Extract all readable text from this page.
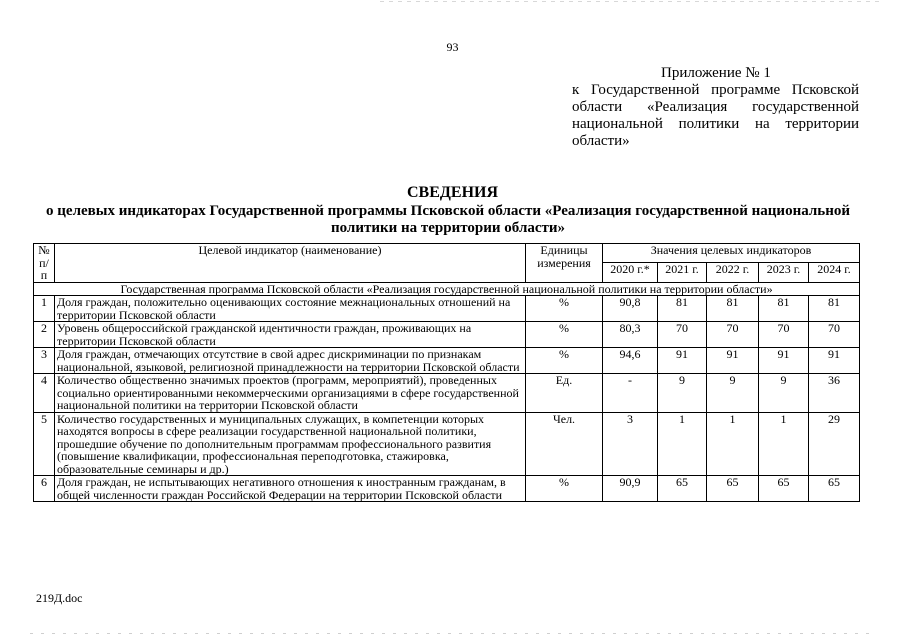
93
Приложение № 1
к Государственной программе Псковской области «Реализация государственной национальной политики на территории области»
СВЕДЕНИЯ
о целевых индикаторах Государственной программы Псковской области «Реализация государственной национальной политики на территории области»
№ п/п	Целевой индикатор (наименование)	Единицы измерения	Значения целевых индикаторов				
			2020 г.*	2021 г.	2022 г.	2023 г.	2024 г.
Государственная программа Псковской области «Реализация государственной национальной политики на территории области»							
1	Доля граждан, положительно оценивающих состояние межнациональных отношений на территории Псковской области	%	90,8	81	81	81	81
2	Уровень общероссийской гражданской идентичности граждан, проживающих на территории Псковской области	%	80,3	70	70	70	70
3	Доля граждан, отмечающих отсутствие в свой адрес дискриминации по признакам национальной, языковой, религиозной принадлежности на территории Псковской области	%	94,6	91	91	91	91
4	Количество общественно значимых проектов (программ, мероприятий), проведенных социально ориентированными некоммерческими организациями в сфере государственной национальной политики на территории Псковской области	Ед.	-	9	9	9	36
5	Количество государственных и муниципальных служащих, в компетенции которых находятся вопросы в сфере реализации государственной национальной политики, прошедшие обучение по дополнительным программам профессионального развития (повышение квалификации, профессиональная переподготовка, стажировка, образовательные семинары и др.)	Чел.	3	1	1	1	29
6	Доля граждан, не испытывающих негативного отношения к иностранным гражданам, в общей численности граждан Российской Федерации на территории Псковской области	%	90,9	65	65	65	65
219Д.doc
